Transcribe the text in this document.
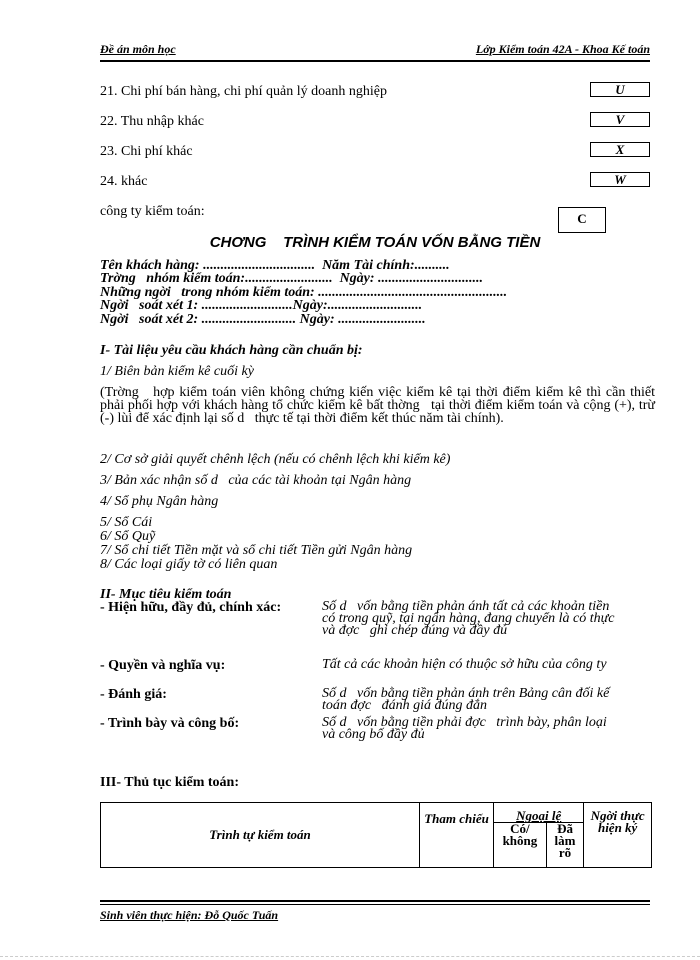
Đề án môn học	Lớp Kiểm toán 42A - Khoa Kế toán
21. Chi phí bán hàng, chi phí quản lý doanh nghiệp	U
22. Thu nhập khác	V
23. Chi phí khác	X
24. khác	W
công ty kiểm toán:	C
CHƠNG    TRÌNH KIỂM TOÁN VỐN BẰNG TIỀN
Tên khách hàng: ................................  Năm Tài chính:..........
Trờng   nhóm kiểm toán:.........................  Ngày: ..............................
Những ngời   trong nhóm kiểm toán: ......................................................
Ngời   soát xét 1: ..........................Ngày:...........................
Ngời   soát xét 2: ........................... Ngày: .........................
I- Tài liệu yêu cầu khách hàng cần chuẩn bị:
1/ Biên bản kiểm kê cuối kỳ
(Trờng   hợp kiểm toán viên không chứng kiến việc kiểm kê tại thời điểm kiểm kê thì cần thiết phải phối hợp với khách hàng tổ chức kiểm kê bất thờng   tại thời điểm kiểm toán và cộng (+), trừ (-) lùi để xác định lại số d   thực tế tại thời điểm kết thúc năm tài chính).
2/ Cơ sở giải quyết chênh lệch (nếu có chênh lệch khi kiểm kê)
3/ Bản xác nhận số d   của các tài khoản tại Ngân hàng
4/ Sổ phụ Ngân hàng
5/ Sổ Cái
6/ Sổ Quỹ
7/ Sổ chi tiết Tiền mặt và sổ chi tiết Tiền gửi Ngân hàng
8/ Các loại giấy tờ có liên quan
II- Mục tiêu kiểm toán
- Hiện hữu, đầy đủ, chính xác:	Số d   vốn bằng tiền phản ánh tất cả các khoản tiền có trong quỹ, tại ngân hàng, đang chuyển là có thực và đợc   ghi chép đúng và đầy đủ
- Quyền và nghĩa vụ:	Tất cả các khoản hiện có thuộc sở hữu của công ty
- Đánh giá:	Số d   vốn bằng tiền phản ánh trên Bảng cân đối kế toán đợc   đánh giá đúng đắn
- Trình bày và công bố:	Số d   vốn bằng tiền phải đợc   trình bày, phân loại và công bố đầy đủ
III- Thủ tục kiểm toán:
Trình tự kiểm toán	Tham chiếu	Ngoại lệ		Ngời thực hiện ký
		Có/ không	Đã làm rõ	
Sinh viên thực hiện: Đỗ Quốc Tuấn
